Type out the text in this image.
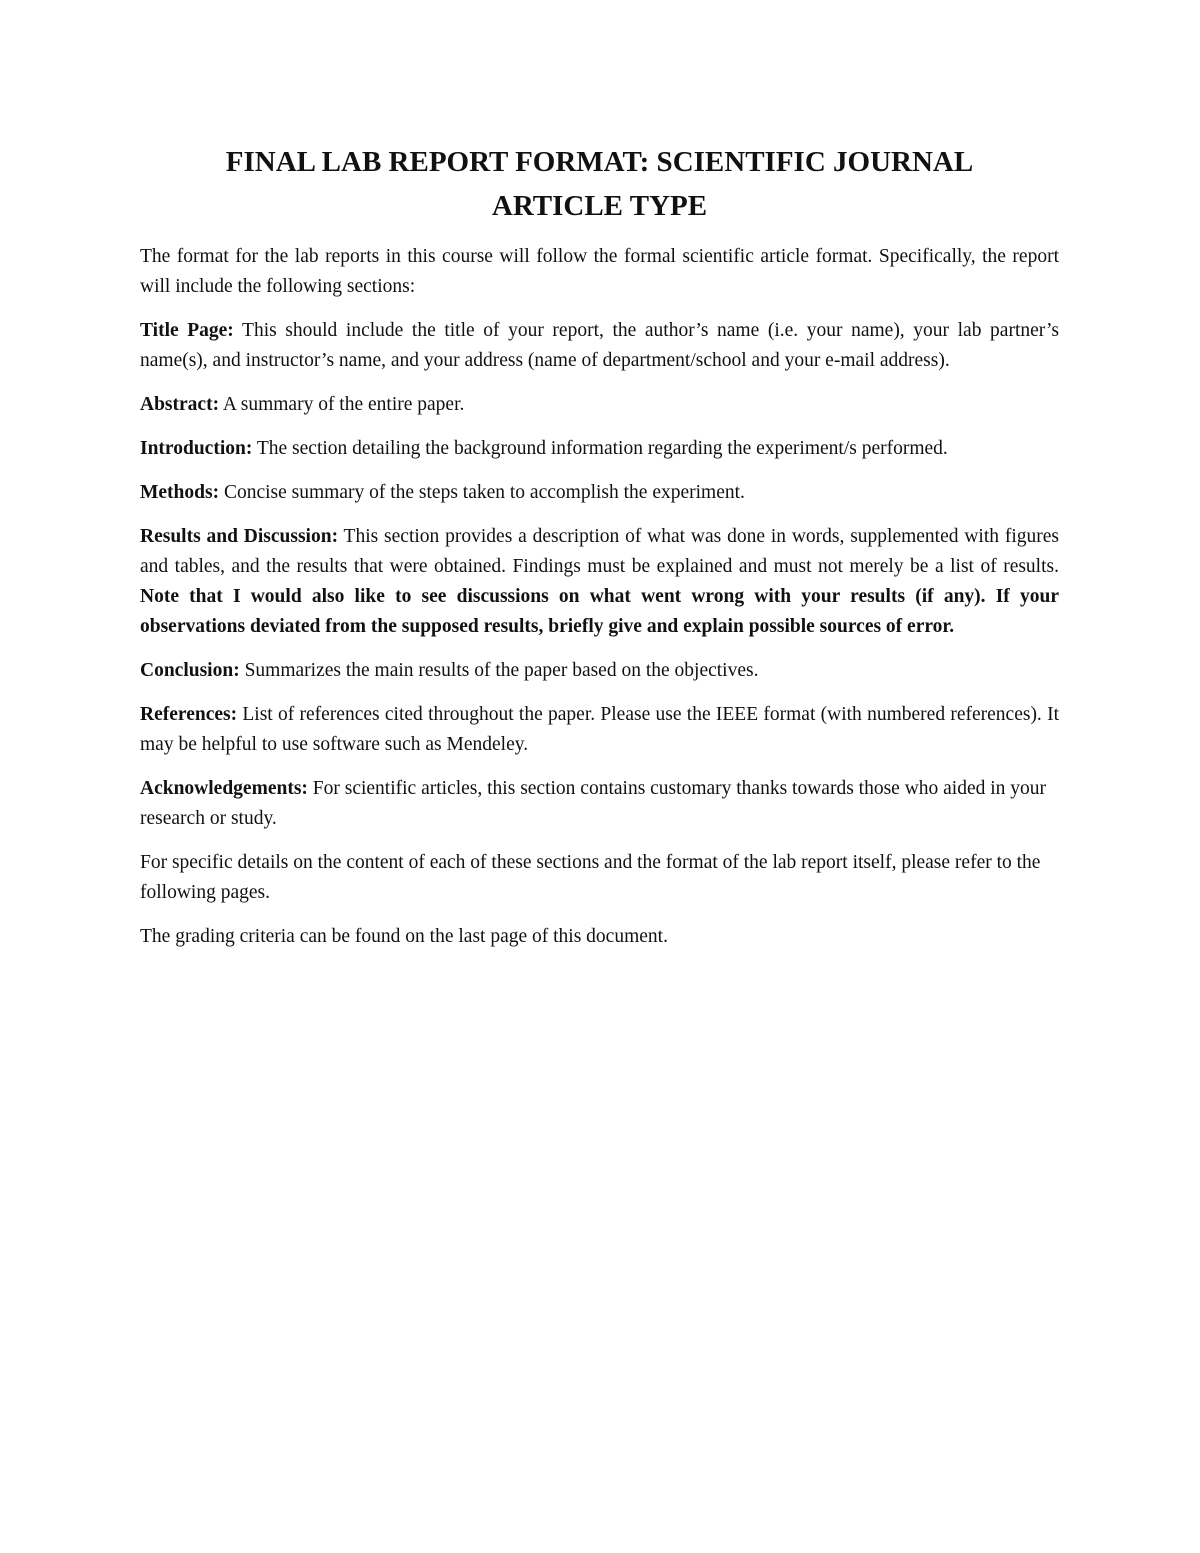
FINAL LAB REPORT FORMAT: SCIENTIFIC JOURNAL ARTICLE TYPE

The format for the lab reports in this course will follow the formal scientific article format. Specifically, the report will include the following sections:

Title Page: This should include the title of your report, the author’s name (i.e. your name), your lab partner’s name(s), and instructor’s name, and your address (name of department/school and your e-mail address).

Abstract: A summary of the entire paper.

Introduction: The section detailing the background information regarding the experiment/s performed.

Methods: Concise summary of the steps taken to accomplish the experiment.

Results and Discussion: This section provides a description of what was done in words, supplemented with figures and tables, and the results that were obtained. Findings must be explained and must not merely be a list of results. Note that I would also like to see discussions on what went wrong with your results (if any). If your observations deviated from the supposed results, briefly give and explain possible sources of error.

Conclusion: Summarizes the main results of the paper based on the objectives.

References: List of references cited throughout the paper. Please use the IEEE format (with numbered references). It may be helpful to use software such as Mendeley.

Acknowledgements: For scientific articles, this section contains customary thanks towards those who aided in your research or study.

For specific details on the content of each of these sections and the format of the lab report itself, please refer to the following pages.

The grading criteria can be found on the last page of this document.
